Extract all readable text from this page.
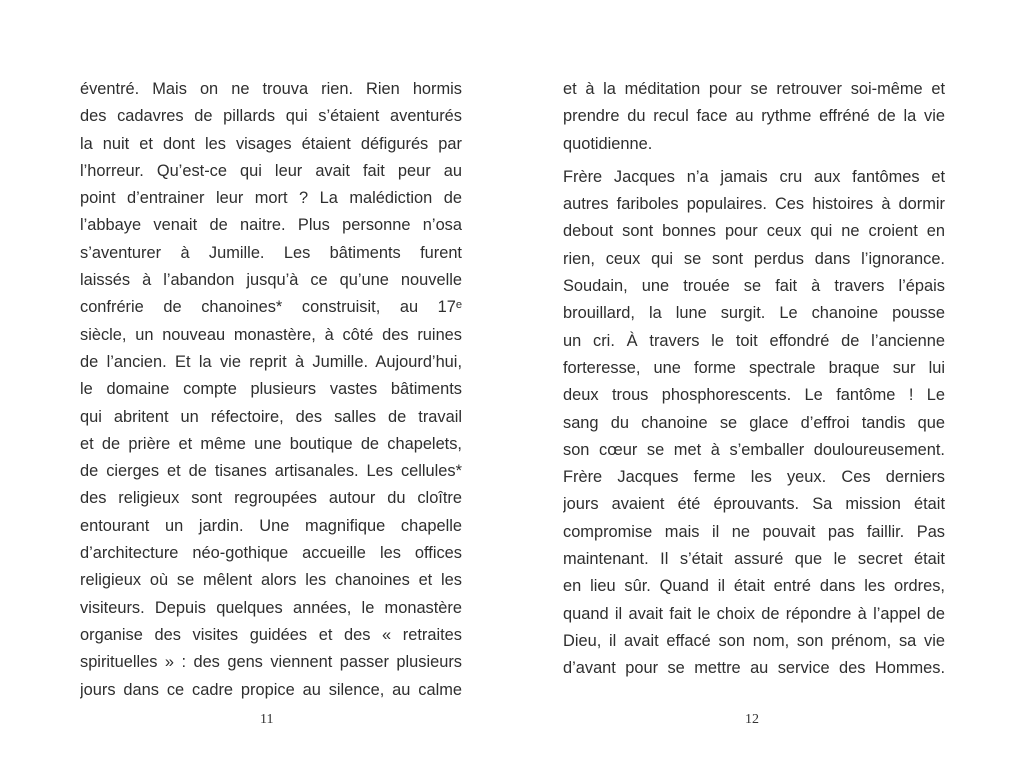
éventré. Mais on ne trouva rien. Rien hormis
des cadavres de pillards qui s’étaient aventurés
la nuit et dont les visages étaient défigurés par
l’horreur. Qu’est-ce qui leur avait fait peur au
point d’entrainer leur mort ? La malédiction de
l’abbaye venait de naitre. Plus personne n’osa
s’aventurer à Jumille. Les bâtiments furent
laissés à l’abandon jusqu’à ce qu’une nouvelle
confrérie de chanoines* construisit, au 17ᵉ
siècle, un nouveau monastère, à côté des ruines
de l’ancien. Et la vie reprit à Jumille. Aujourd’hui,
le domaine compte plusieurs vastes bâtiments
qui abritent un réfectoire, des salles de travail
et de prière et même une boutique de chapelets,
de cierges et de tisanes artisanales. Les cellules*
des religieux sont regroupées autour du cloître
entourant un jardin. Une magnifique chapelle
d’architecture néo-gothique accueille les offices
religieux où se mêlent alors les chanoines et les
visiteurs. Depuis quelques années, le monastère
organise des visites guidées et des « retraites
spirituelles » : des gens viennent passer plusieurs
jours dans ce cadre propice au silence, au calme
et à la méditation pour se retrouver soi-même et
prendre du recul face au rythme effréné de la vie
quotidienne.
Frère Jacques n’a jamais cru aux fantômes et
autres fariboles populaires. Ces histoires à dormir
debout sont bonnes pour ceux qui ne croient en
rien, ceux qui se sont perdus dans l’ignorance.
Soudain, une trouée se fait à travers l’épais
brouillard, la lune surgit. Le chanoine pousse
un cri. À travers le toit effondré de l’ancienne
forteresse, une forme spectrale braque sur lui
deux trous phosphorescents. Le fantôme ! Le
sang du chanoine se glace d’effroi tandis que
son cœur se met à s’emballer douloureusement.
Frère Jacques ferme les yeux. Ces derniers
jours avaient été éprouvants. Sa mission était
compromise mais il ne pouvait pas faillir. Pas
maintenant. Il s’était assuré que le secret était
en lieu sûr. Quand il était entré dans les ordres,
quand il avait fait le choix de répondre à l’appel de
Dieu, il avait effacé son nom, son prénom, sa vie
d’avant pour se mettre au service des Hommes.
11	12
